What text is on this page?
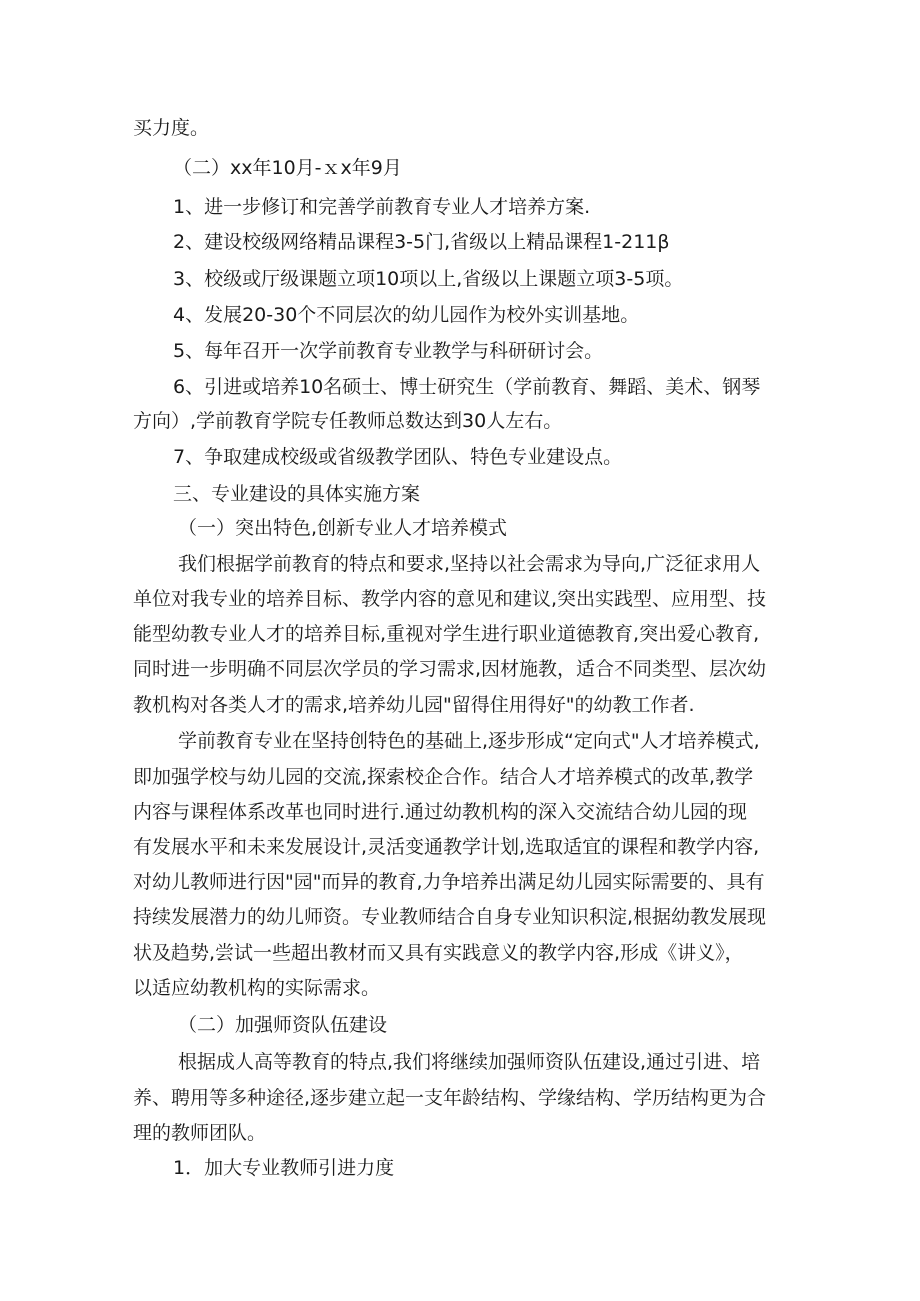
买力度。
（二）xx年10月-ｘx年9月
1、进一步修订和完善学前教育专业人才培养方案.
2、建设校级网络精品课程3-5门,省级以上精品课程1-211β
3、校级或厅级课题立项10项以上,省级以上课题立项3-5项。
4、发展20-30个不同层次的幼儿园作为校外实训基地。
5、每年召开一次学前教育专业教学与科研研讨会。
6、引进或培养10名硕士、博士研究生（学前教育、舞蹈、美术、钢琴
方向）,学前教育学院专任教师总数达到30人左右。
7、争取建成校级或省级教学团队、特色专业建设点。
三、专业建设的具体实施方案
（一）突出特色,创新专业人才培养模式
我们根据学前教育的特点和要求,坚持以社会需求为导向,广泛征求用人
单位对我专业的培养目标、教学内容的意见和建议,突出实践型、应用型、技
能型幼教专业人才的培养目标,重视对学生进行职业道德教育,突出爱心教育,
同时进一步明确不同层次学员的学习需求,因材施教，适合不同类型、层次幼
教机构对各类人才的需求,培养幼儿园"留得住用得好"的幼教工作者.
学前教育专业在坚持创特色的基础上,逐步形成“定向式"人才培养模式,
即加强学校与幼儿园的交流,探索校企合作。结合人才培养模式的改革,教学
内容与课程体系改革也同时进行.通过幼教机构的深入交流结合幼儿园的现
有发展水平和未来发展设计,灵活变通教学计划,选取适宜的课程和教学内容,
对幼儿教师进行因"园"而异的教育,力争培养出满足幼儿园实际需要的、具有
持续发展潜力的幼儿师资。专业教师结合自身专业知识积淀,根据幼教发展现
状及趋势,尝试一些超出教材而又具有实践意义的教学内容,形成《讲义》，
以适应幼教机构的实际需求。
（二）加强师资队伍建设
根据成人高等教育的特点,我们将继续加强师资队伍建设,通过引进、培
养、聘用等多种途径,逐步建立起一支年龄结构、学缘结构、学历结构更为合
理的教师团队。
1．加大专业教师引进力度
